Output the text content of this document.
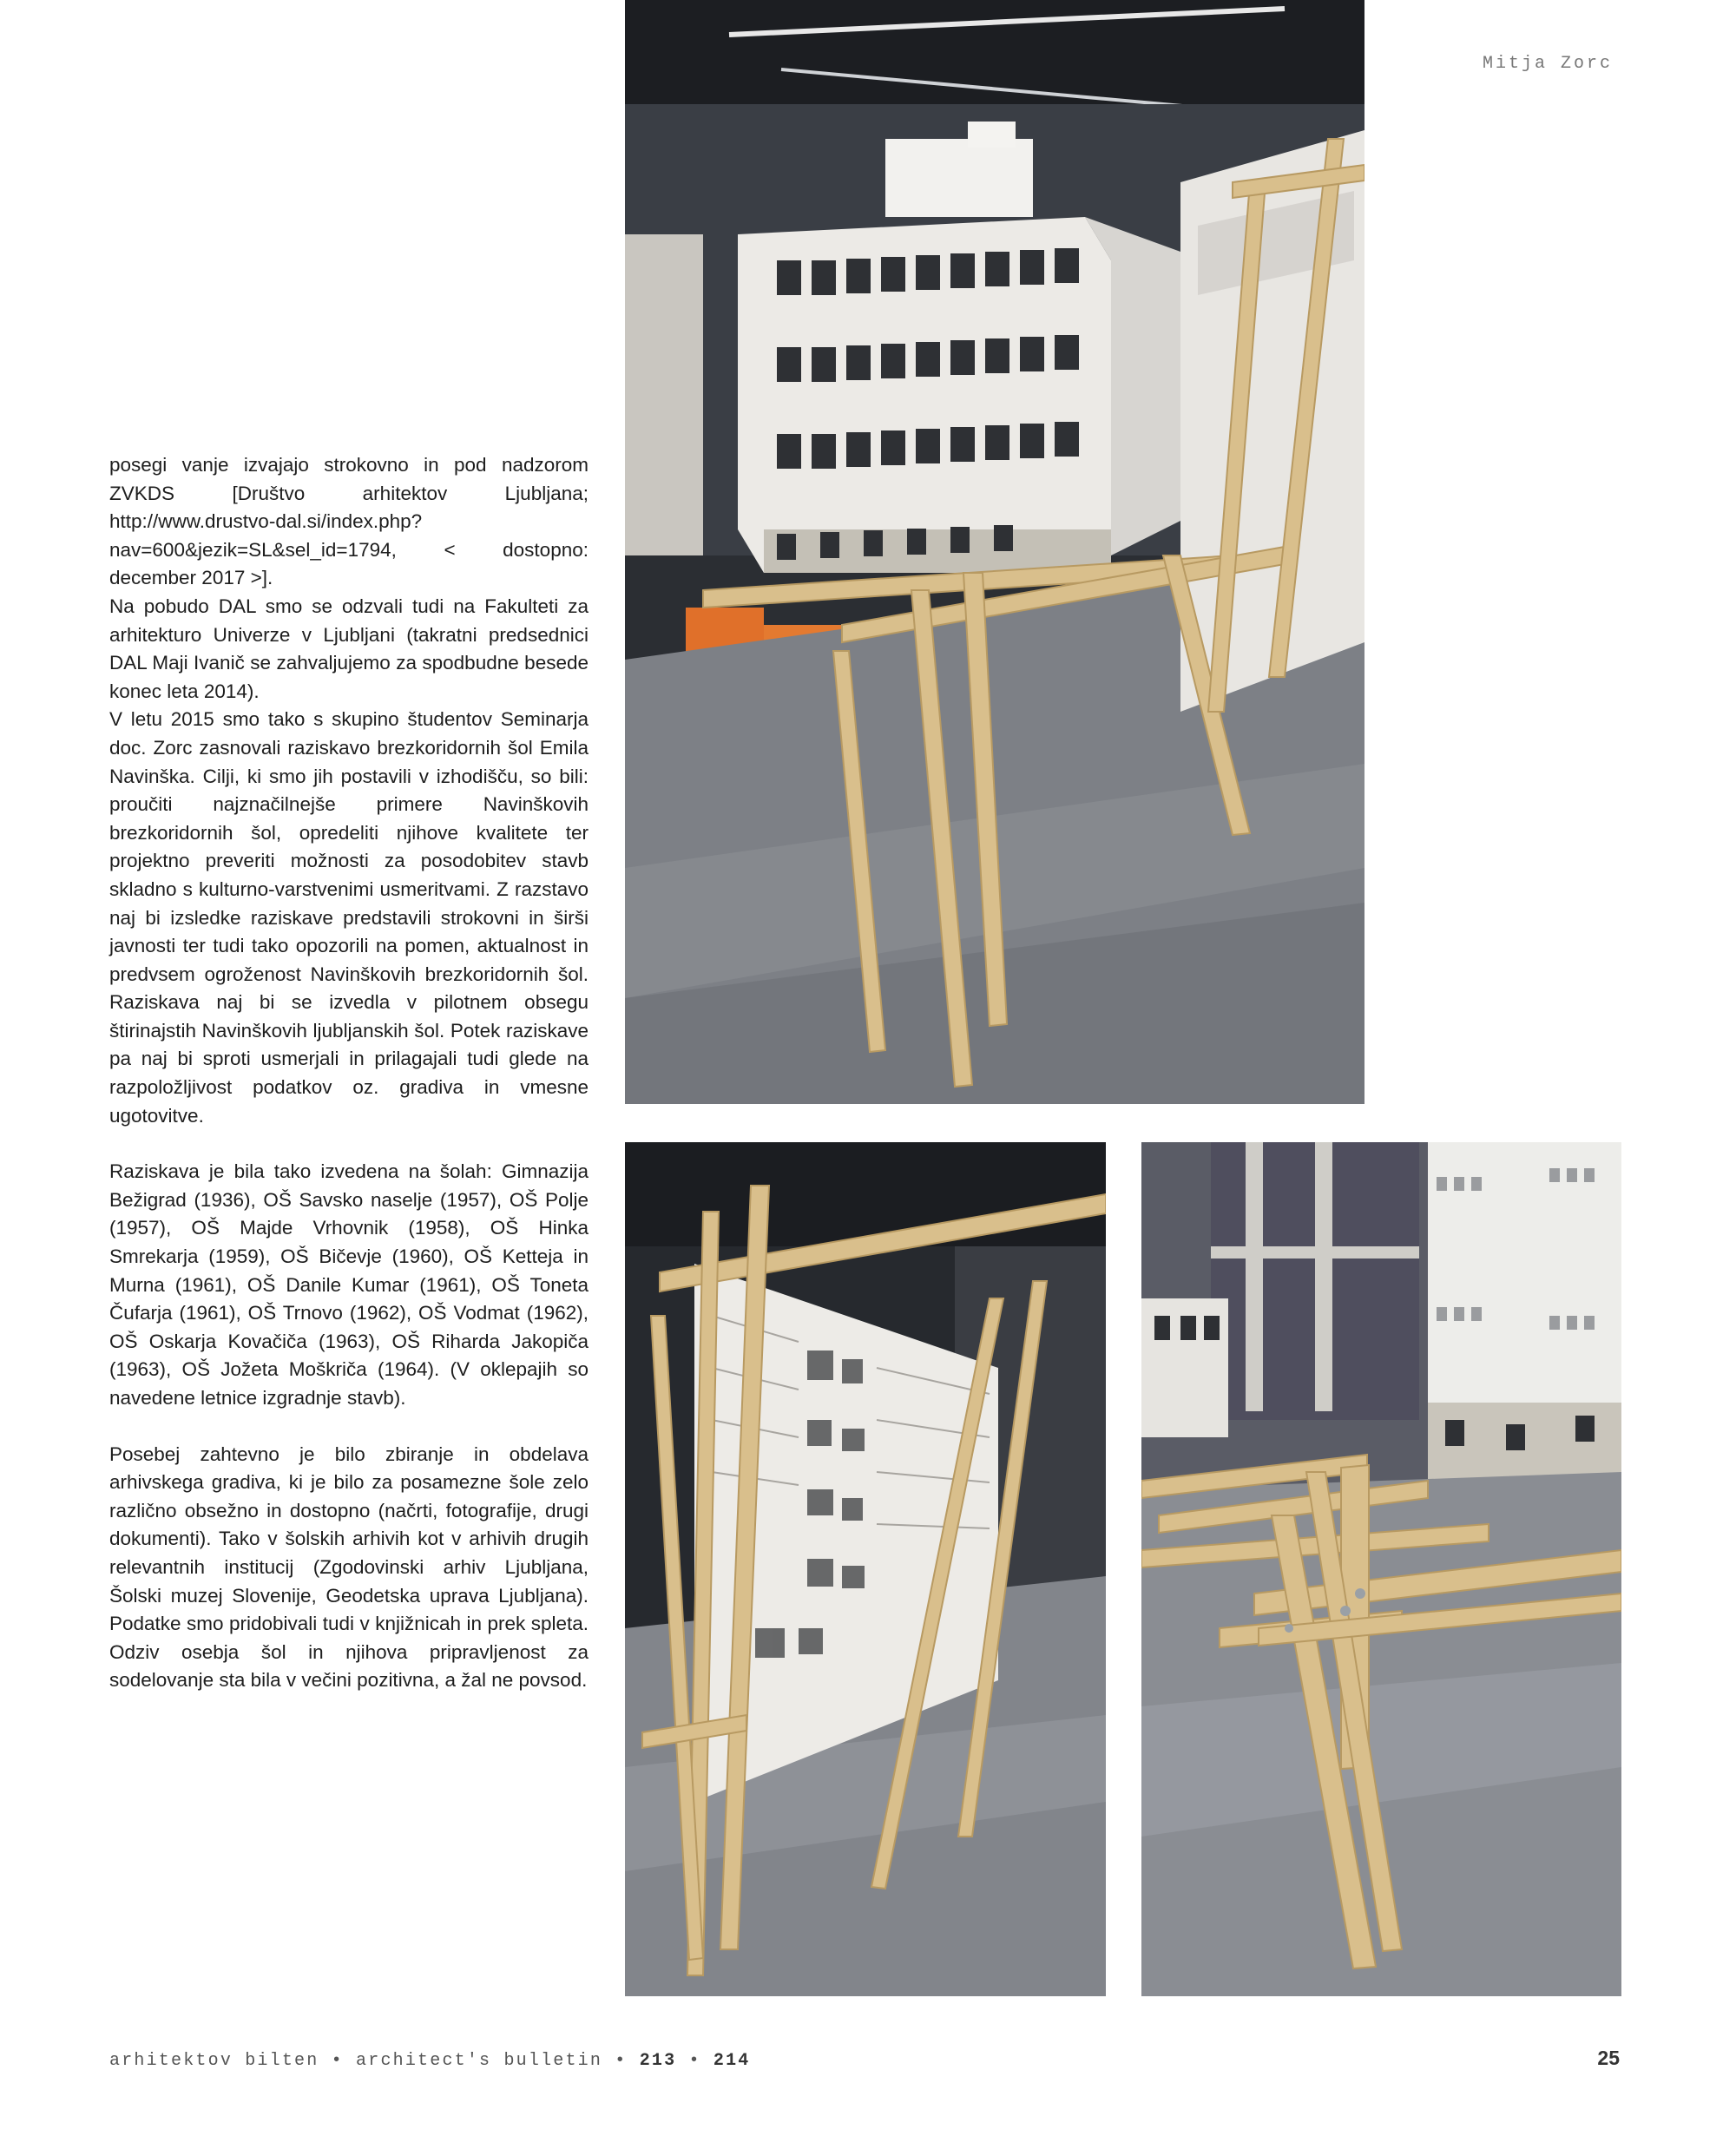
Mitja Zorc

posegi vanje izvajajo strokovno in pod nadzorom ZVKDS [Društvo arhitektov Ljubljana; http://www.drustvo-dal.si/index.php?nav=600&jezik=SL&sel_id=1794, < dostopno: december 2017 >].

Na pobudo DAL smo se odzvali tudi na Fakulteti za arhitekturo Univerze v Ljubljani (takratni predsednici DAL Maji Ivanič se zahvaljujemo za spodbudne besede konec leta 2014).

V letu 2015 smo tako s skupino študentov Seminarja doc. Zorc zasnovali raziskavo brezkoridornih šol Emila Navinška. Cilji, ki smo jih postavili v izhodišču, so bili: proučiti najznačilnejše primere Navinškovih brezkoridornih šol, opredeliti njihove kvalitete ter projektno preveriti možnosti za posodobitev stavb skladno s kulturno-varstvenimi usmeritvami. Z razstavo naj bi izsledke raziskave predstavili strokovni in širši javnosti ter tudi tako opozorili na pomen, aktualnost in predvsem ogroženost Navinškovih brezkoridornih šol. Raziskava naj bi se izvedla v pilotnem obsegu štirinajstih Navinškovih ljubljanskih šol. Potek raziskave pa naj bi sproti usmerjali in prilagajali tudi glede na razpoložljivost podatkov oz. gradiva in vmesne ugotovitve.

Raziskava je bila tako izvedena na šolah: Gimnazija Bežigrad (1936), OŠ Savsko naselje (1957), OŠ Polje (1957), OŠ Majde Vrhovnik (1958), OŠ Hinka Smrekarja (1959), OŠ Bičevje (1960), OŠ Ketteja in Murna (1961), OŠ Danile Kumar (1961), OŠ Toneta Čufarja (1961), OŠ Trnovo (1962), OŠ Vodmat (1962), OŠ Oskarja Kovačiča (1963), OŠ Riharda Jakopiča (1963), OŠ Jožeta Moškriča (1964). (V oklepajih so navedene letnice izgradnje stavb).

Posebej zahtevno je bilo zbiranje in obdelava arhivskega gradiva, ki je bilo za posamezne šole zelo različno obsežno in dostopno (načrti, fotografije, drugi dokumenti). Tako v šolskih arhivih kot v arhivih drugih relevantnih institucij (Zgodovinski arhiv Ljubljana, Šolski muzej Slovenije, Geodetska uprava Ljubljana). Podatke smo pridobivali tudi v knjižnicah in prek spleta. Odziv osebja šol in njihova pripravljenost za sodelovanje sta bila v večini pozitivna, a žal ne povsod.

arhitektov bilten • architect's bulletin • 213 • 214	25
